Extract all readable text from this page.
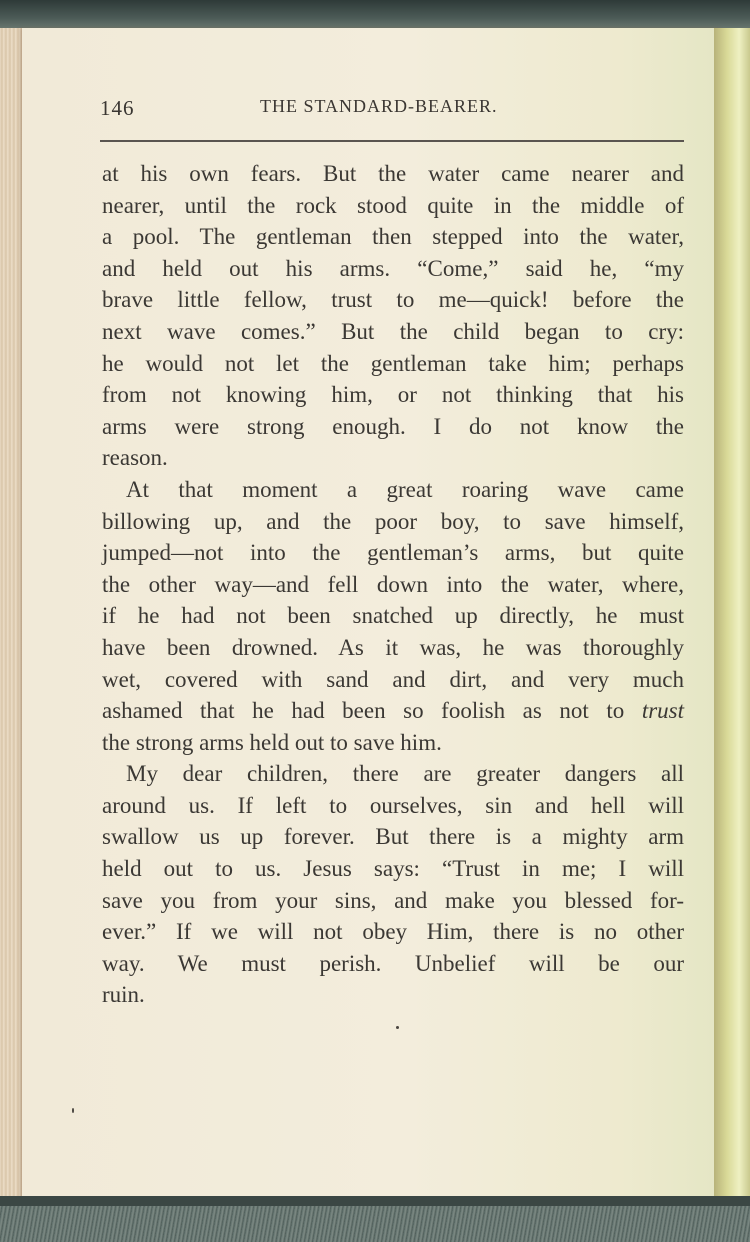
146	THE STANDARD-BEARER.
at his own fears. But the water came nearer and
nearer, until the rock stood quite in the middle of
a pool. The gentleman then stepped into the water,
and held out his arms. “Come,” said he, “my
brave little fellow, trust to me—quick! before the
next wave comes.” But the child began to cry:
he would not let the gentleman take him; perhaps
from not knowing him, or not thinking that his
arms were strong enough. I do not know the
reason.
At that moment a great roaring wave came
billowing up, and the poor boy, to save himself,
jumped—not into the gentleman’s arms, but quite
the other way—and fell down into the water, where,
if he had not been snatched up directly, he must
have been drowned. As it was, he was thoroughly
wet, covered with sand and dirt, and very much
ashamed that he had been so foolish as not to trust
the strong arms held out to save him.
My dear children, there are greater dangers all
around us. If left to ourselves, sin and hell will
swallow us up forever. But there is a mighty arm
held out to us. Jesus says: “Trust in me; I will
save you from your sins, and make you blessed for-
ever.” If we will not obey Him, there is no other
way. We must perish. Unbelief will be our
ruin.
